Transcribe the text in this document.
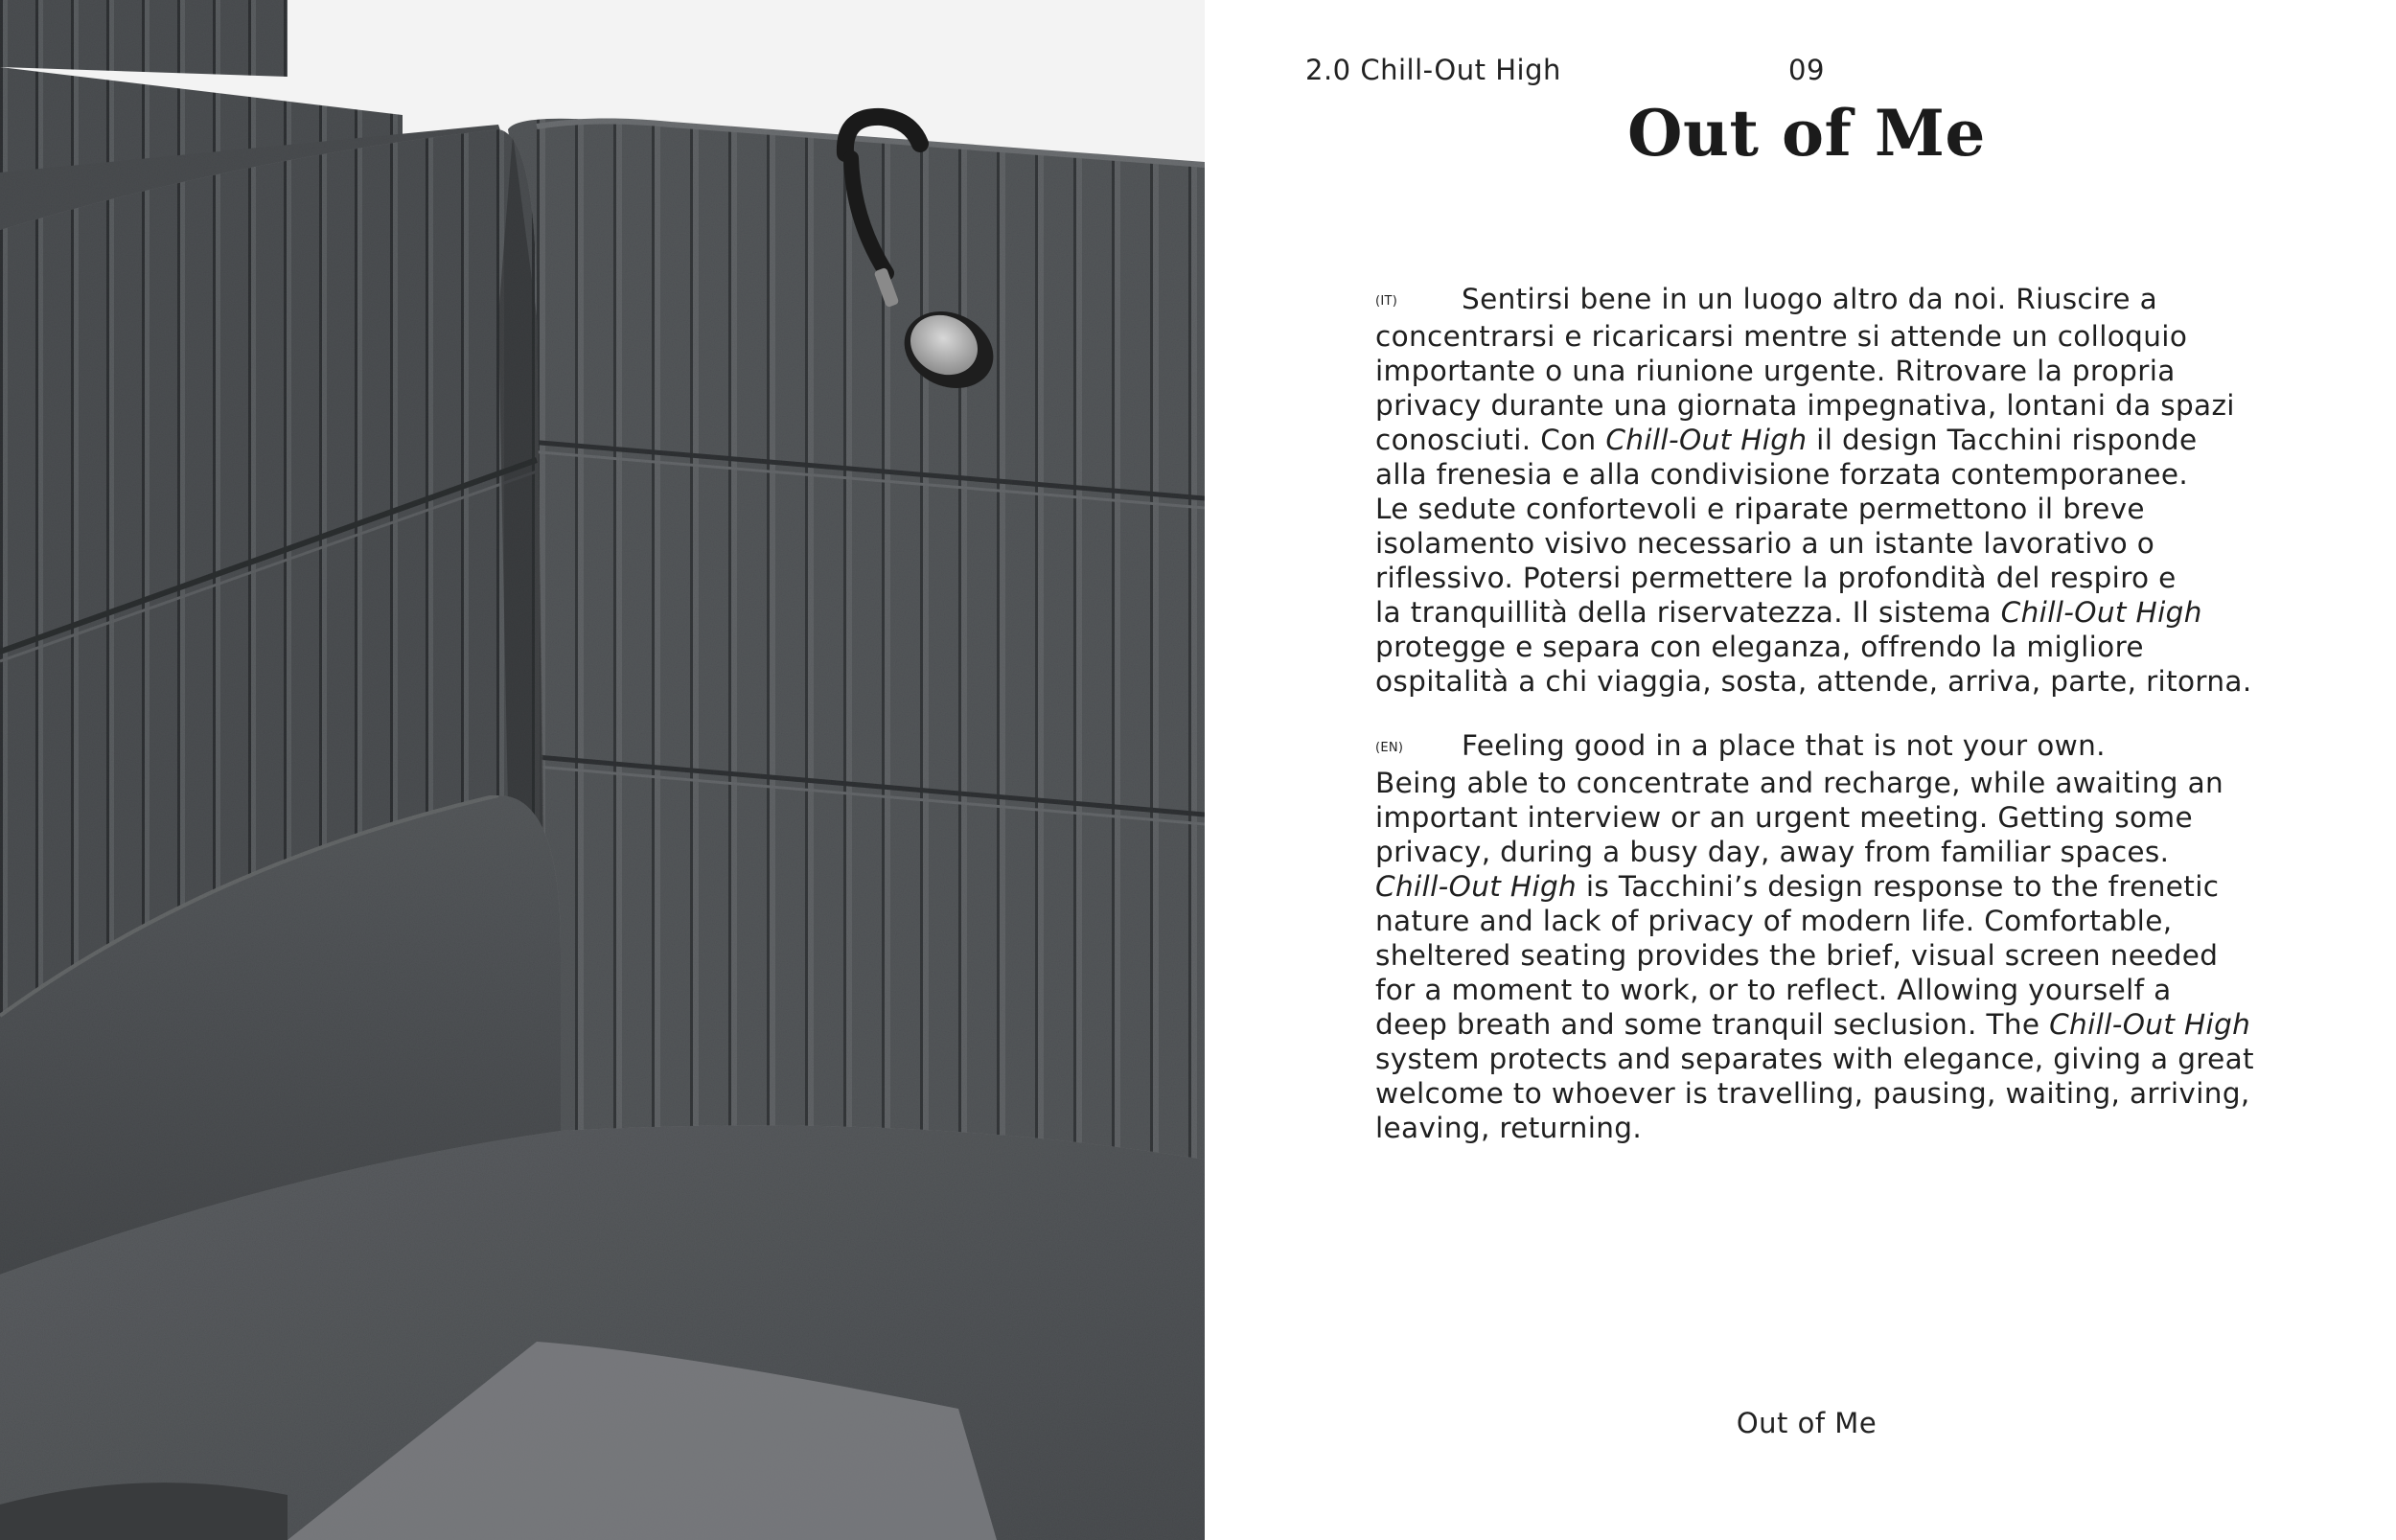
2.0 Chill-Out High	09
Out of Me
(IT) Sentirsi bene in un luogo altro da noi. Riuscire a
concentrarsi e ricaricarsi mentre si attende un colloquio
importante o una riunione urgente. Ritrovare la propria
privacy durante una giornata impegnativa, lontani da spazi
conosciuti. Con Chill-Out High il design Tacchini risponde
alla frenesia e alla condivisione forzata contemporanee.
Le sedute confortevoli e riparate permettono il breve
isolamento visivo necessario a un istante lavorativo o
riflessivo. Potersi permettere la profondità del respiro e
la tranquillità della riservatezza. Il sistema Chill-Out High
protegge e separa con eleganza, offrendo la migliore
ospitalità a chi viaggia, sosta, attende, arriva, parte, ritorna.
(EN) Feeling good in a place that is not your own.
Being able to concentrate and recharge, while awaiting an
important interview or an urgent meeting. Getting some
privacy, during a busy day, away from familiar spaces.
Chill-Out High is Tacchini’s design response to the frenetic
nature and lack of privacy of modern life. Comfortable,
sheltered seating provides the brief, visual screen needed
for a moment to work, or to reflect. Allowing yourself a
deep breath and some tranquil seclusion. The Chill-Out High
system protects and separates with elegance, giving a great
welcome to whoever is travelling, pausing, waiting, arriving,
leaving, returning.
Out of Me
